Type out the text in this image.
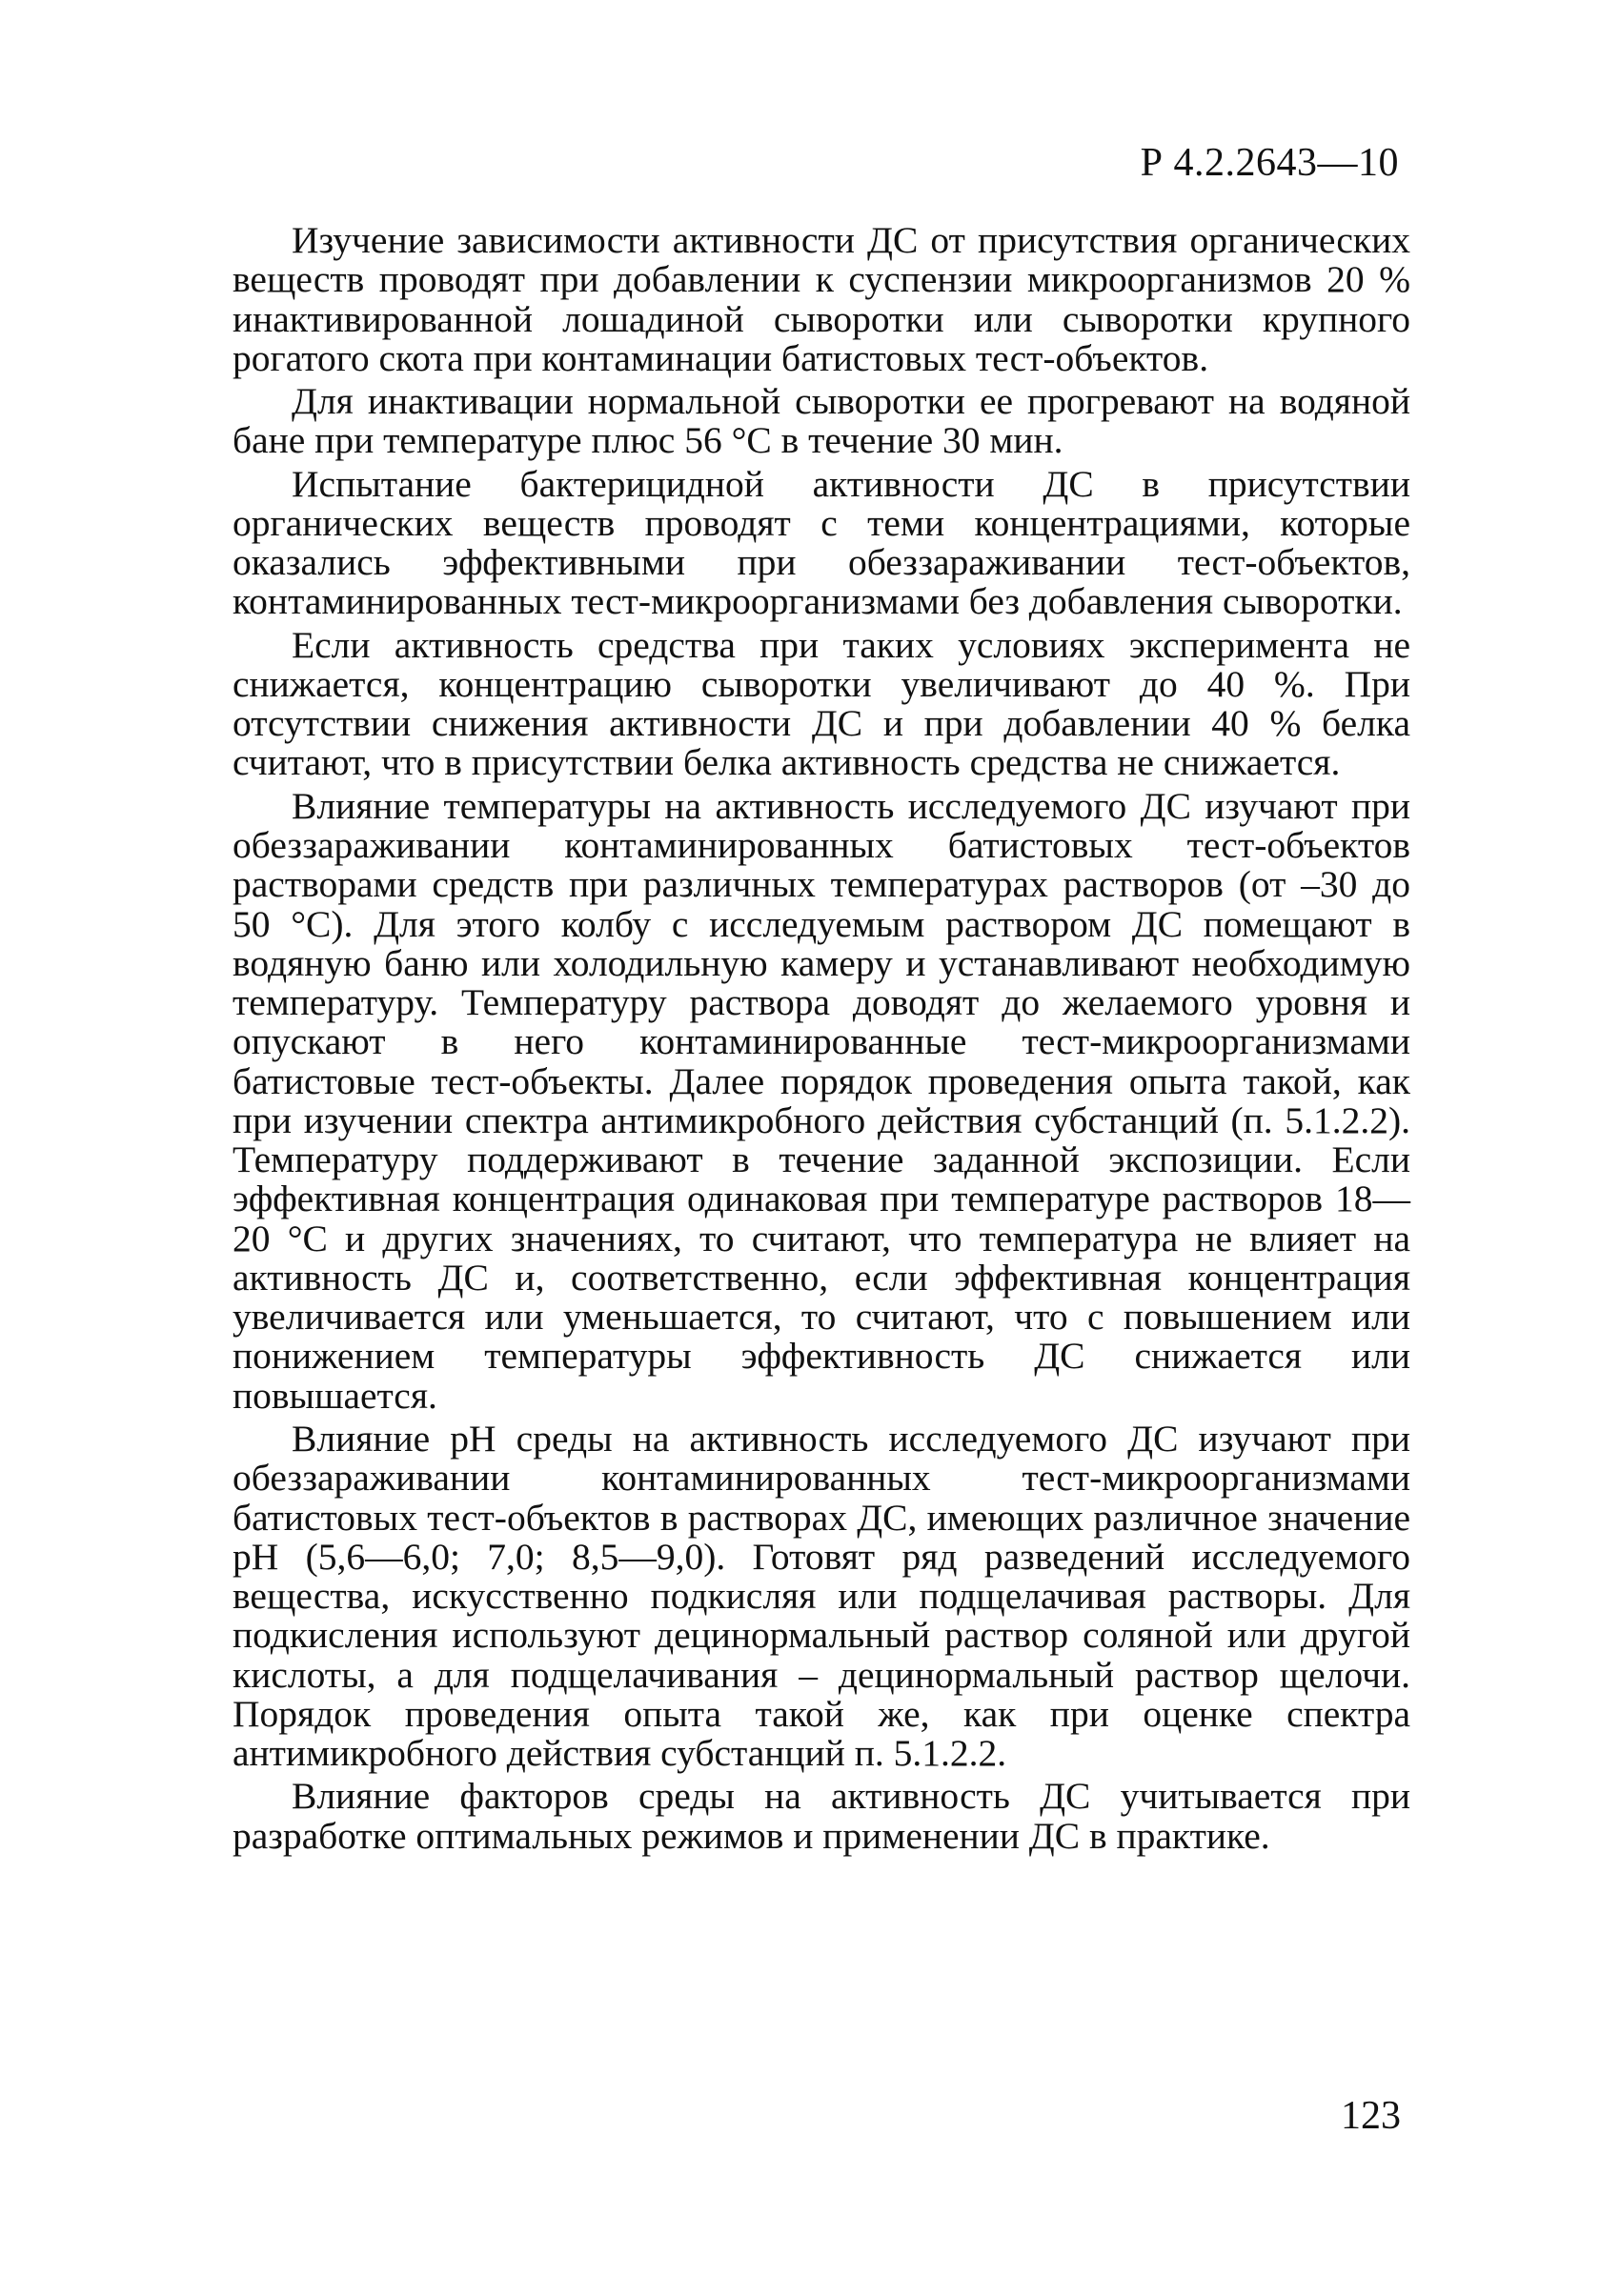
Р 4.2.2643—10

Изучение зависимости активности ДС от присутствия органических веществ проводят при добавлении к суспензии микроорганизмов 20 % инактивированной лошадиной сыворотки или сыворотки крупного рогатого скота при контаминации батистовых тест-объектов.

Для инактивации нормальной сыворотки ее прогревают на водяной бане при температуре плюс 56 °С в течение 30 мин.

Испытание бактерицидной активности ДС в присутствии органических веществ проводят с теми концентрациями, которые оказались эффективными при обеззараживании тест-объектов, контаминированных тест-микроорганизмами без добавления сыворотки.

Если активность средства при таких условиях эксперимента не снижается, концентрацию сыворотки увеличивают до 40 %. При отсутствии снижения активности ДС и при добавлении 40 % белка считают, что в присутствии белка активность средства не снижается.

Влияние температуры на активность исследуемого ДС изучают при обеззараживании контаминированных батистовых тест-объектов растворами средств при различных температурах растворов (от –30 до 50 °С). Для этого колбу с исследуемым раствором ДС помещают в водяную баню или холодильную камеру и устанавливают необходимую температуру. Температуру раствора доводят до желаемого уровня и опускают в него контаминированные тест-микроорганизмами батистовые тест-объекты. Далее порядок проведения опыта такой, как при изучении спектра антимикробного действия субстанций (п. 5.1.2.2). Температуру поддерживают в течение заданной экспозиции. Если эффективная концентрация одинаковая при температуре растворов 18—20 °С и других значениях, то считают, что температура не влияет на активность ДС и, соответственно, если эффективная концентрация увеличивается или уменьшается, то считают, что с повышением или понижением температуры эффективность ДС снижается или повышается.

Влияние pH среды на активность исследуемого ДС изучают при обеззараживании контаминированных тест-микроорганизмами батистовых тест-объектов в растворах ДС, имеющих различное значение pH (5,6—6,0; 7,0; 8,5—9,0). Готовят ряд разведений исследуемого вещества, искусственно подкисляя или подщелачивая растворы. Для подкисления используют децинормальный раствор соляной или другой кислоты, а для подщелачивания – децинормальный раствор щелочи. Порядок проведения опыта такой же, как при оценке спектра антимикробного действия субстанций п. 5.1.2.2.

Влияние факторов среды на активность ДС учитывается при разработке оптимальных режимов и применении ДС в практике.

123
